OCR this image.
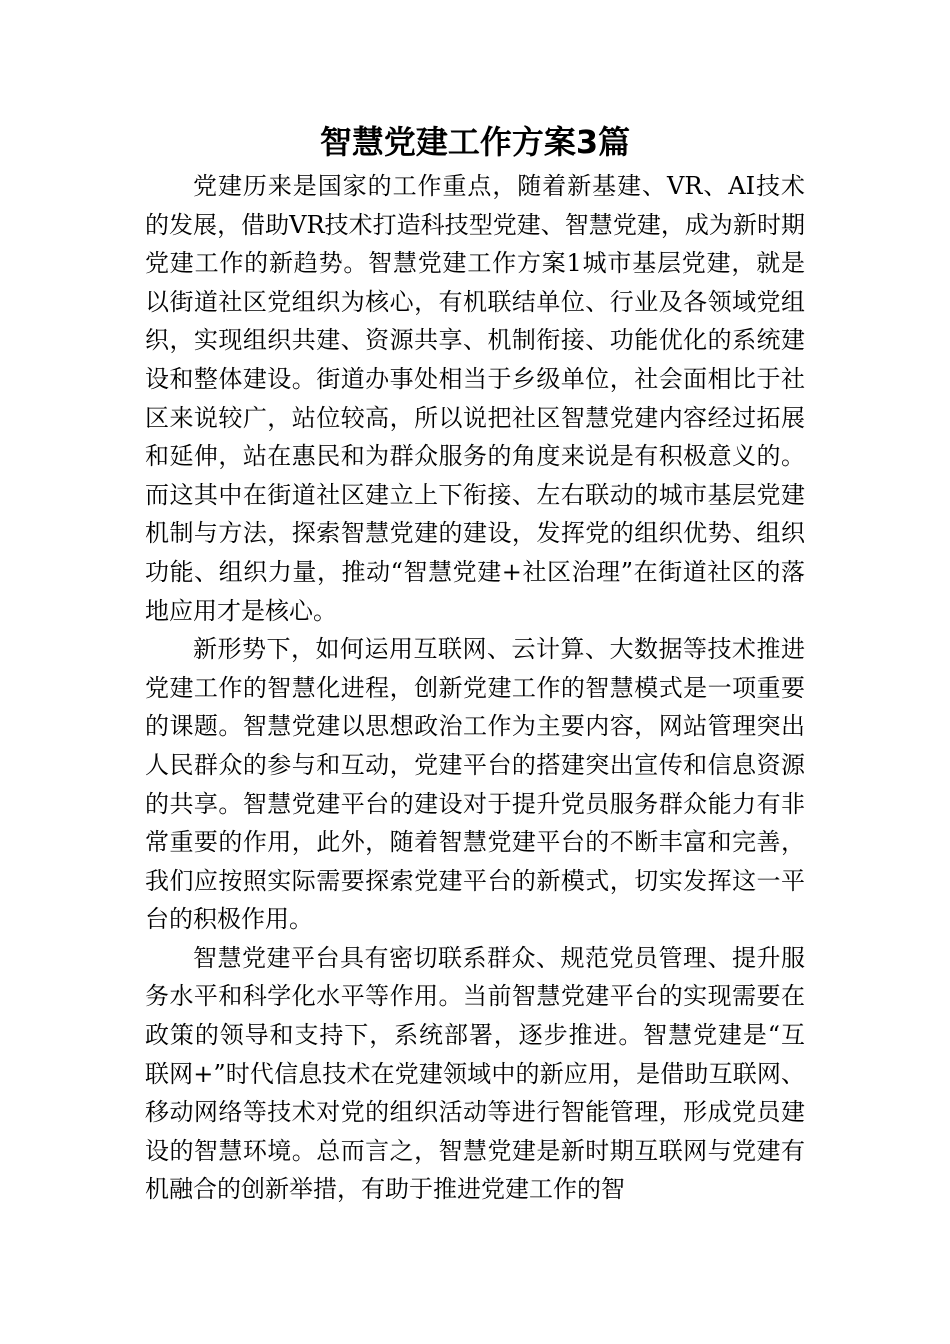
智慧党建工作方案3篇

党建历来是国家的工作重点，随着新基建、VR、AI技术的发展，借助VR技术打造科技型党建、智慧党建，成为新时期党建工作的新趋势。智慧党建工作方案1城市基层党建，就是以街道社区党组织为核心，有机联结单位、行业及各领域党组织，实现组织共建、资源共享、机制衔接、功能优化的系统建设和整体建设。街道办事处相当于乡级单位，社会面相比于社区来说较广，站位较高，所以说把社区智慧党建内容经过拓展和延伸，站在惠民和为群众服务的角度来说是有积极意义的。而这其中在街道社区建立上下衔接、左右联动的城市基层党建机制与方法，探索智慧党建的建设，发挥党的组织优势、组织功能、组织力量，推动“智慧党建+社区治理”在街道社区的落地应用才是核心。

新形势下，如何运用互联网、云计算、大数据等技术推进党建工作的智慧化进程，创新党建工作的智慧模式是一项重要的课题。智慧党建以思想政治工作为主要内容，网站管理突出人民群众的参与和互动，党建平台的搭建突出宣传和信息资源的共享。智慧党建平台的建设对于提升党员服务群众能力有非常重要的作用，此外，随着智慧党建平台的不断丰富和完善，我们应按照实际需要探索党建平台的新模式，切实发挥这一平台的积极作用。

智慧党建平台具有密切联系群众、规范党员管理、提升服务水平和科学化水平等作用。当前智慧党建平台的实现需要在政策的领导和支持下，系统部署，逐步推进。智慧党建是“互联网+”时代信息技术在党建领域中的新应用，是借助互联网、移动网络等技术对党的组织活动等进行智能管理，形成党员建设的智慧环境。总而言之，智慧党建是新时期互联网与党建有机融合的创新举措，有助于推进党建工作的智
